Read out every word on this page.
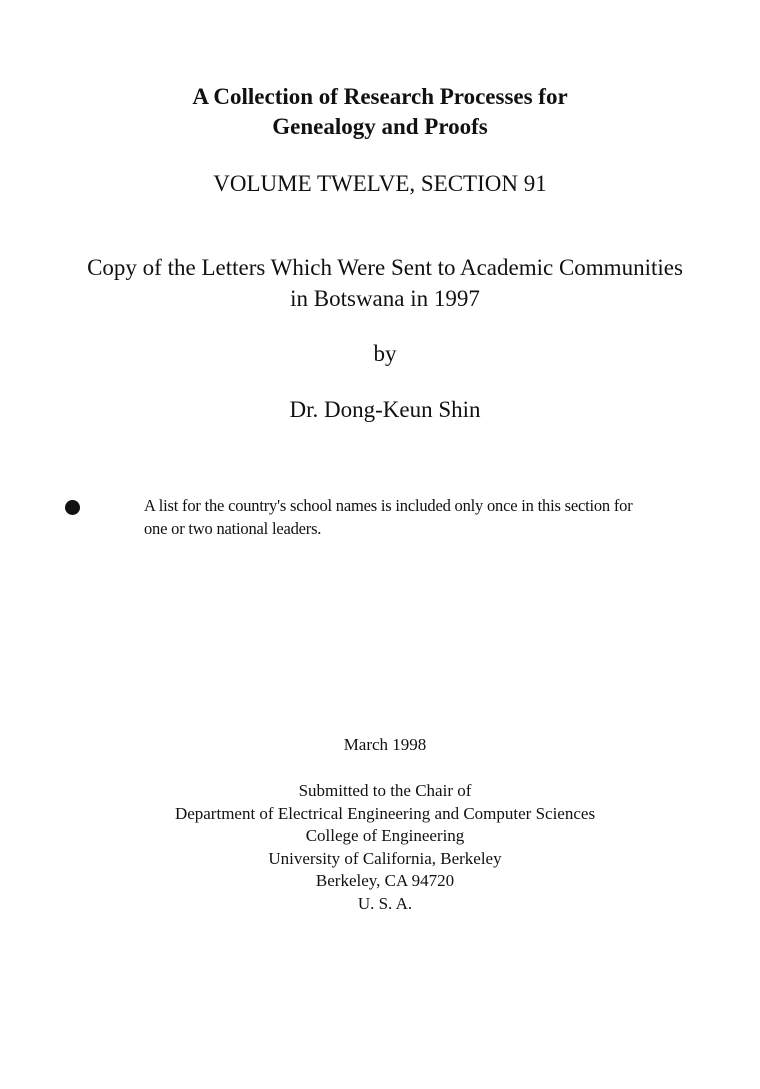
A Collection of Research Processes for
Genealogy and Proofs
VOLUME TWELVE, SECTION 91
Copy of the Letters Which Were Sent to Academic Communities
in Botswana in 1997
by
Dr. Dong-Keun Shin
A list for the country's school names is included only once in this section for
one or two national leaders.
March 1998
Submitted to the Chair of
Department of Electrical Engineering and Computer Sciences
College of Engineering
University of California, Berkeley
Berkeley, CA 94720
U. S. A.
